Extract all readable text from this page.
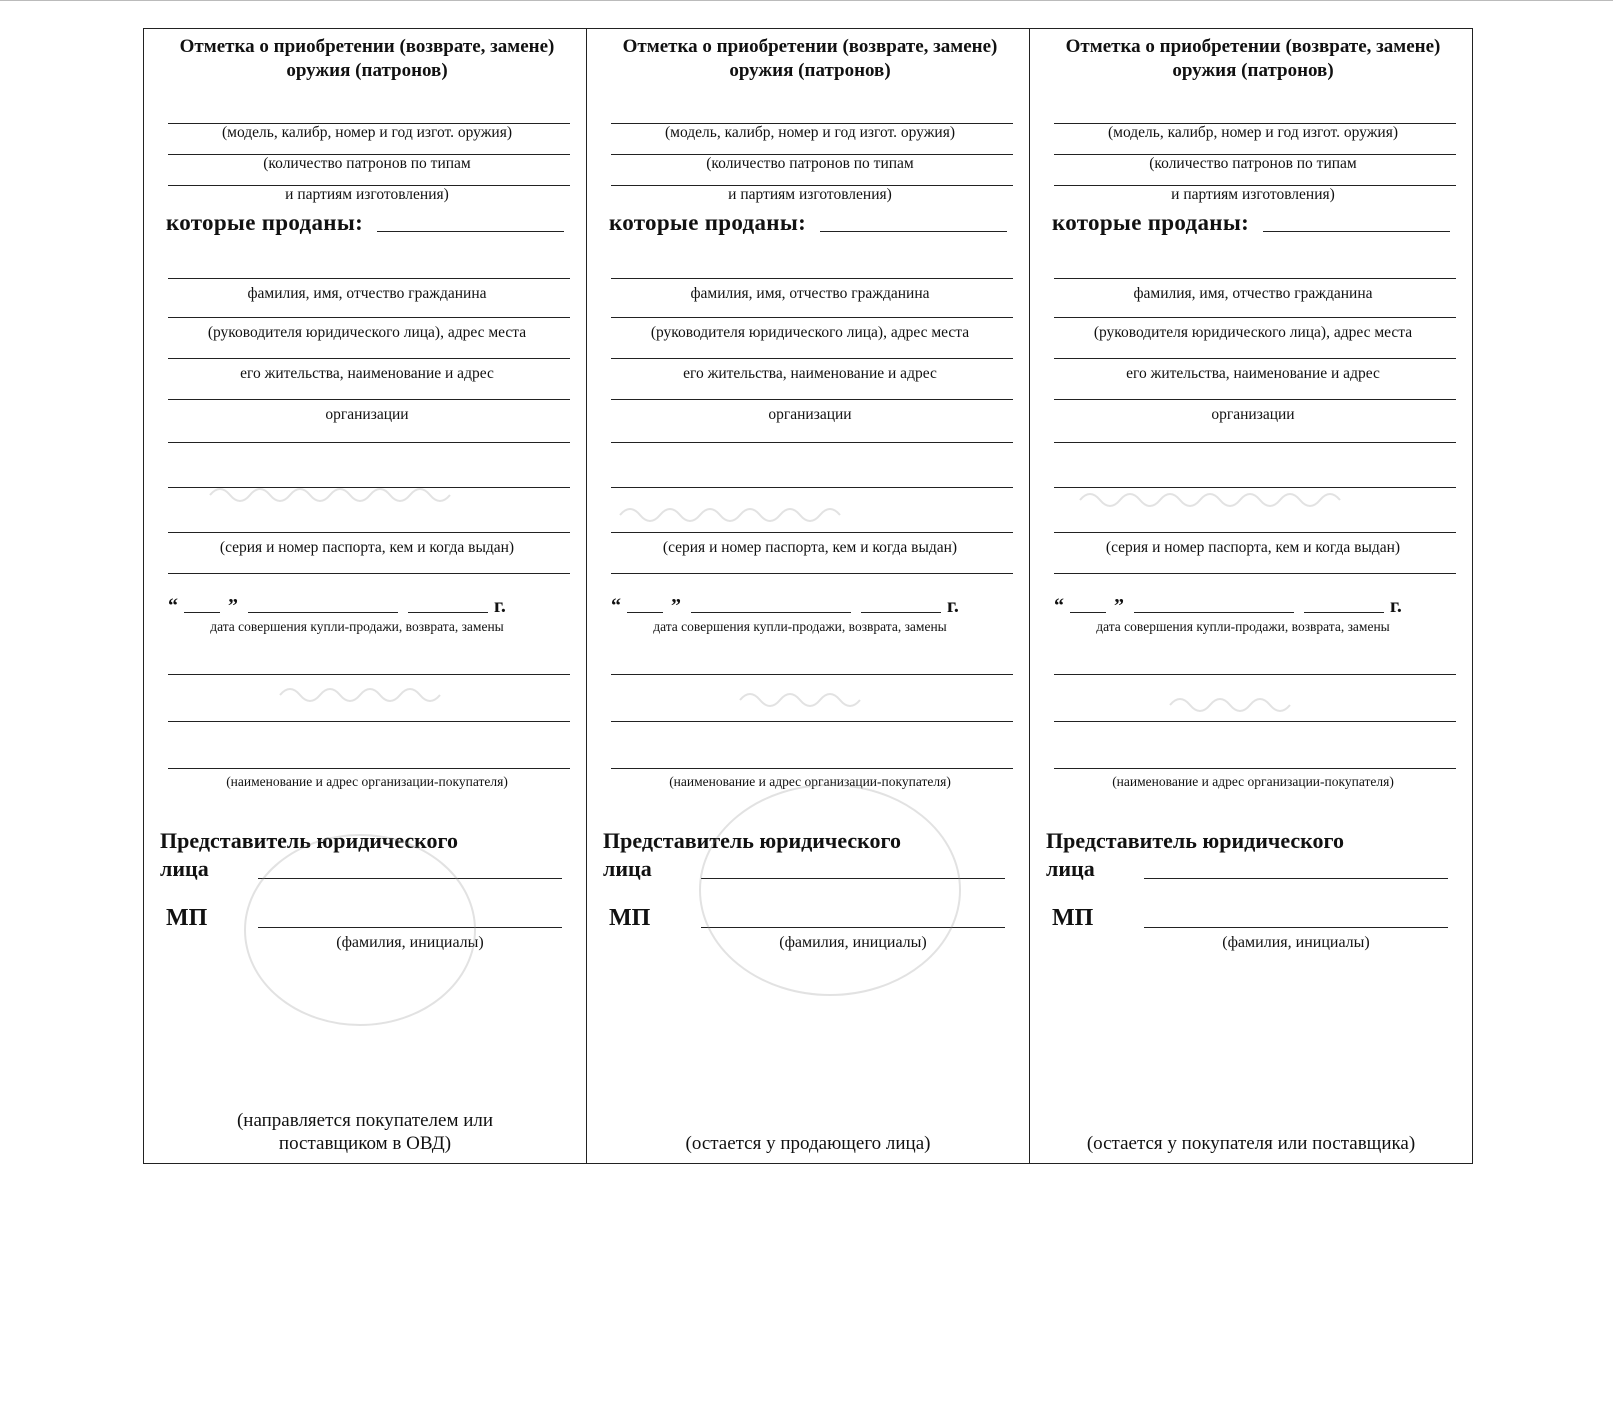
Отметка о приобретении (возврате, замене) оружия (патронов)
(модель, калибр, номер и год изгот. оружия)
(количество патронов по типам
и партиям изготовления)
которые проданы:
фамилия, имя, отчество гражданина
(руководителя юридического лица), адрес места
его жительства, наименование и адрес
организации
(серия и номер паспорта, кем и когда выдан)
“	”	г.
дата совершения купли-продажи, возврата, замены
(наименование и адрес организации-покупателя)
Представитель юридического
лица
МП
(фамилия, инициалы)
(направляется покупателем или поставщиком в ОВД)
Отметка о приобретении (возврате, замене) оружия (патронов)
(модель, калибр, номер и год изгот. оружия)
(количество патронов по типам
и партиям изготовления)
которые проданы:
фамилия, имя, отчество гражданина
(руководителя юридического лица), адрес места
его жительства, наименование и адрес
организации
(серия и номер паспорта, кем и когда выдан)
“	”	г.
дата совершения купли-продажи, возврата, замены
(наименование и адрес организации-покупателя)
Представитель юридического
лица
МП
(фамилия, инициалы)
(остается у продающего лица)
Отметка о приобретении (возврате, замене) оружия (патронов)
(модель, калибр, номер и год изгот. оружия)
(количество патронов по типам
и партиям изготовления)
которые проданы:
фамилия, имя, отчество гражданина
(руководителя юридического лица), адрес места
его жительства, наименование и адрес
организации
(серия и номер паспорта, кем и когда выдан)
“	”	г.
дата совершения купли-продажи, возврата, замены
(наименование и адрес организации-покупателя)
Представитель юридического
лица
МП
(фамилия, инициалы)
(остается у покупателя или поставщика)
